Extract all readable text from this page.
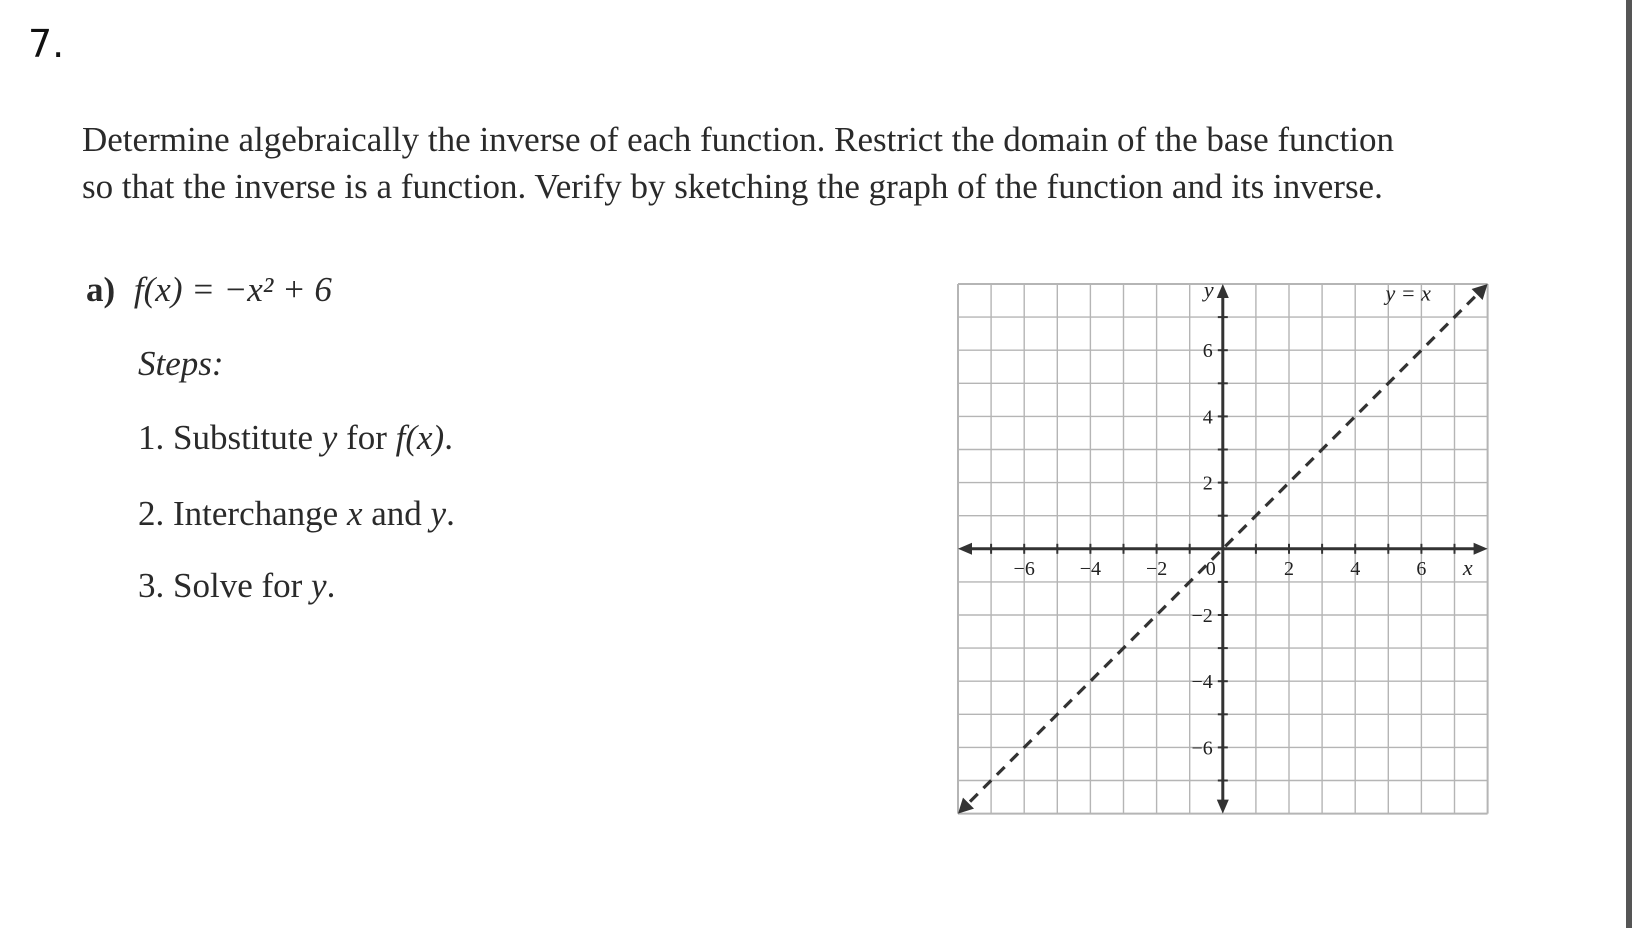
7.
Determine algebraically the inverse of each function. Restrict the domain of the base function so that the inverse is a function. Verify by sketching the graph of the function and its inverse.
a) f(x) = −x² + 6
Steps:
1. Substitute y for f(x).
2. Interchange x and y.
3. Solve for y.	−6 −4 −2 0	2	4	6
6
4
2
−2
−4
−6
x
y	y = x
